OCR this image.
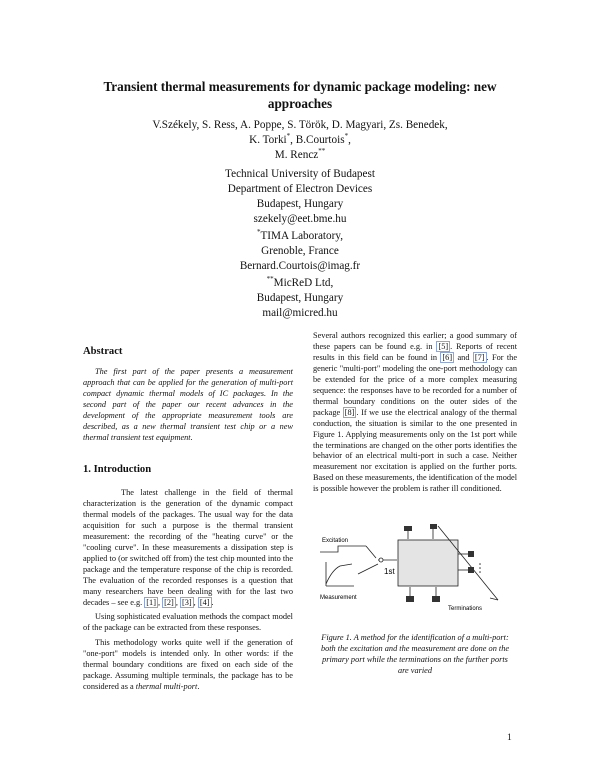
Transient thermal measurements for dynamic package modeling: new approaches
V.Székely, S. Ress, A. Poppe, S. Török, D. Magyari, Zs. Benedek,
K. Torki*, B.Courtois*,
M. Rencz**
Technical University of Budapest
Department of Electron Devices
Budapest, Hungary
szekely@eet.bme.hu
*TIMA Laboratory,
Grenoble, France
Bernard.Courtois@imag.fr
**MicReD Ltd,
Budapest, Hungary
mail@micred.hu
Abstract

The first part of the paper presents a measurement approach that can be applied for the generation of multi-port compact dynamic thermal models of IC packages. In the second part of the paper our recent advances in the development of the appropriate measurement tools are described, as a new thermal transient test chip or a new thermal transient test equipment.

1. Introduction

The latest challenge in the field of thermal characterization is the generation of the dynamic compact thermal models of the packages. The usual way for the data acquisition for such a purpose is the thermal transient measurement: the recording of the "heating curve" or the "cooling curve". In these measurements a dissipation step is applied to (or switched off from) the test chip mounted into the package and the temperature response of the chip is recorded. The evaluation of the recorded responses is a question that many researchers have been dealing with for the last two decades – see e.g. [1] , [2] , [3] , [4] .

Using sophisticated evaluation methods the compact model of the package can be extracted from these responses.

This methodology works quite well if the generation of "one-port" models is intended only. In other words: if the thermal boundary conditions are fixed on each side of the package. Assuming multiple terminals, the package has to be considered as a thermal multi-port.

Several authors recognized this earlier; a good summary of these papers can be found e.g. in [5] . Reports of recent results in this field can be found in [6] and [7] . For the generic "multi-port" modeling the one-port methodology can be extended for the price of a more complex measuring sequence: the responses have to be recorded for a number of thermal boundary conditions on the outer sides of the package [8] . If we use the electrical analogy of the thermal conduction, the situation is similar to the one presented in Figure 1. Applying measurements only on the 1st port while the terminations are changed on the other ports identifies the behavior of an electrical multi-port in such a case. Neither measurement nor excitation is applied on the further ports. Based on these measurements, the identification of the model is possible however the problem is rather ill conditioned.

Excitation
1st
Measurement
Terminations
Figure 1. A method for the identification of a multi-port: both the excitation and the measurement are done on the primary port while the terminations on the further ports are varied
1
